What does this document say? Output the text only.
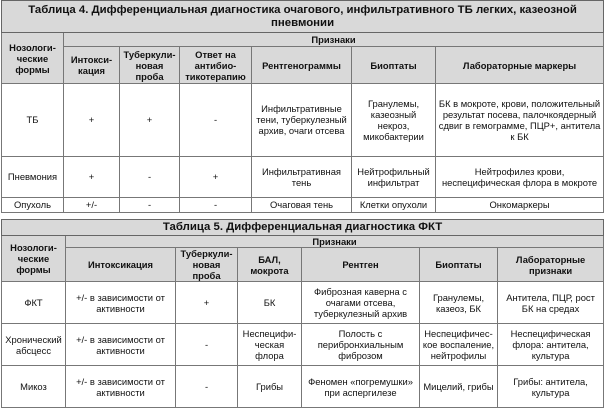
Таблица 4. Дифференциальная диагностика очагового, инфильтративного ТБ легких, казеозной пневмонии						
Нозологи-ческие формы	Признаки					
	Интокси-кация	Туберкули-новая проба	Ответ на антибио-тикотерапию	Рентгенограммы	Биоптаты	Лабораторные маркеры
ТБ	+	+	-	Инфильтративные тени, туберкулезный архив, очаги отсева	Гранулемы, казеозный некроз, микобактерии	БК в мокроте, крови, положительный результат посева, палочкоядерный сдвиг в гемограмме, ПЦР+, антитела к БК
Пневмония	+	-	+	Инфильтративная тень	Нейтрофильный инфильтрат	Нейтрофилез крови, неспецифическая флора в мокроте
Опухоль	+/-	-	-	Очаговая тень	Клетки опухоли	Онкомаркеры
Таблица 5. Дифференциальная диагностика ФКТ						
Нозологи-ческие формы	Признаки					
	Интоксикация	Туберкули-новая проба	БАЛ, мокрота	Рентген	Биоптаты	Лабораторные признаки
ФКТ	+/- в зависимости от активности	+	БК	Фиброзная каверна с очагами отсева, туберкулезный архив	Гранулемы, казеоз, БК	Антитела, ПЦР, рост БК на средах
Хронический абсцесс	+/- в зависимости от активности	-	Неспецифи-ческая флора	Полость с перибронхиальным фиброзом	Неспецифичес-кое воспаление, нейтрофилы	Неспецифическая флора: антитела, культура
Микоз	+/- в зависимости от активности	-	Грибы	Феномен «погремушки» при аспергилезе	Мицелий, грибы	Грибы: антитела, культура
